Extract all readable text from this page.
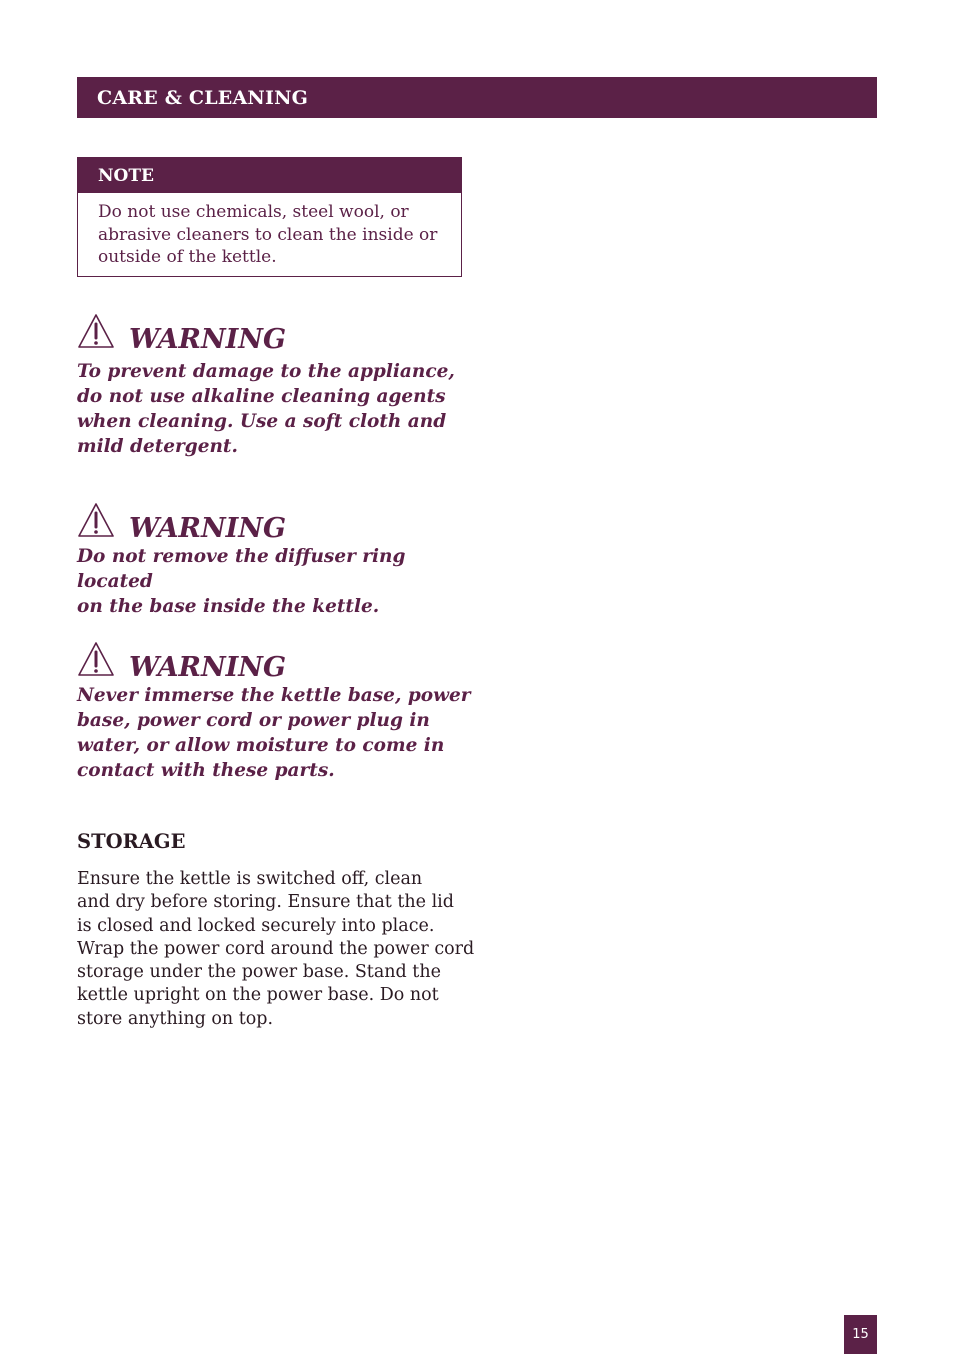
CARE & CLEANING
NOTE
Do not use chemicals, steel wool, or abrasive cleaners to clean the inside or outside of the kettle.
WARNING
To prevent damage to the appliance,
do not use alkaline cleaning agents
when cleaning. Use a soft cloth and
mild detergent.
WARNING
Do not remove the diffuser ring located
on the base inside the kettle.
WARNING
Never immerse the kettle base, power
base, power cord or power plug in
water, or allow moisture to come in
contact with these parts.
STORAGE
Ensure the kettle is switched off, clean
and dry before storing. Ensure that the lid
is closed and locked securely into place.
Wrap the power cord around the power cord
storage under the power base. Stand the
kettle upright on the power base. Do not
store anything on top.
15
